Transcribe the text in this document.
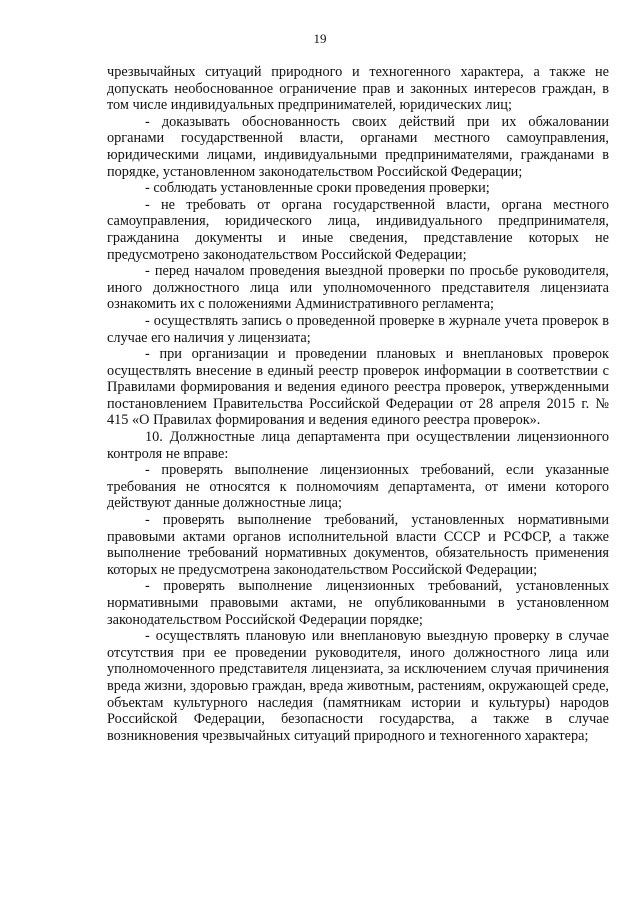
19

чрезвычайных ситуаций природного и техногенного характера, а также не допускать необоснованное ограничение прав и законных интересов граждан, в том числе индивидуальных предпринимателей, юридических лиц;

- доказывать обоснованность своих действий при их обжаловании органами государственной власти, органами местного самоуправления, юридическими лицами, индивидуальными предпринимателями, гражданами в порядке, установленном законодательством Российской Федерации;

- соблюдать установленные сроки проведения проверки;

- не требовать от органа государственной власти, органа местного самоуправления, юридического лица, индивидуального предпринимателя, гражданина документы и иные сведения, представление которых не предусмотрено законодательством Российской Федерации;

- перед началом проведения выездной проверки по просьбе руководителя, иного должностного лица или уполномоченного представителя лицензиата ознакомить их с положениями Административного регламента;

- осуществлять запись о проведенной проверке в журнале учета проверок в случае его наличия у лицензиата;

- при организации и проведении плановых и внеплановых проверок осуществлять внесение в единый реестр проверок информации в соответствии с Правилами формирования и ведения единого реестра проверок, утвержденными постановлением Правительства Российской Федерации от 28 апреля 2015 г. № 415 «О Правилах формирования и ведения единого реестра проверок».

10. Должностные лица департамента при осуществлении лицензионного контроля не вправе:

- проверять выполнение лицензионных требований, если указанные требования не относятся к полномочиям департамента, от имени которого действуют данные должностные лица;

- проверять выполнение требований, установленных нормативными правовыми актами органов исполнительной власти СССР и РСФСР, а также выполнение требований нормативных документов, обязательность применения которых не предусмотрена законодательством Российской Федерации;

- проверять выполнение лицензионных требований, установленных нормативными правовыми актами, не опубликованными в установленном законодательством Российской Федерации порядке;

- осуществлять плановую или внеплановую выездную проверку в случае отсутствия при ее проведении руководителя, иного должностного лица или уполномоченного представителя лицензиата, за исключением случая причинения вреда жизни, здоровью граждан, вреда животным, растениям, окружающей среде, объектам культурного наследия (памятникам истории и культуры) народов Российской Федерации, безопасности государства, а также в случае возникновения чрезвычайных ситуаций природного и техногенного характера;
